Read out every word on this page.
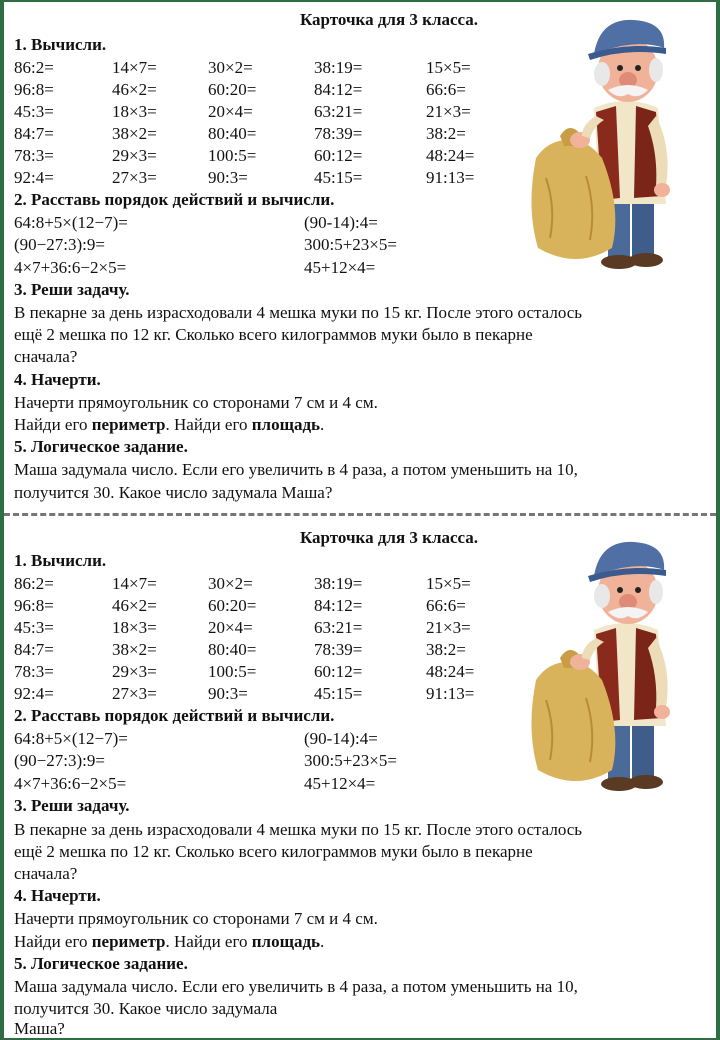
Карточка для 3 класса.
1. Вычисли.
86:2=	14×7=	30×2=	38:19=	15×5=
96:8=	46×2=	60:20=	84:12=	66:6=
45:3=	18×3=	20×4=	63:21=	21×3=
84:7=	38×2=	80:40=	78:39=	38:2=
78:3=	29×3=	100:5=	60:12=	48:24=
92:4=	27×3=	90:3=	45:15=	91:13=
2. Расставь порядок действий и вычисли.
64:8+5×(12−7)=	(90-14):4=
(90−27:3):9=	300:5+23×5=
4×7+36:6−2×5=	45+12×4=
3. Реши задачу.
В пекарне за день израсходовали 4 мешка муки по 15 кг. После этого осталось
ещё 2 мешка по 12 кг. Сколько всего килограммов муки было в пекарне
сначала?
4. Начерти.
Начерти прямоугольник со сторонами 7 см и 4 см.
Найди его периметр. Найди его площадь.
5. Логическое задание.
Маша задумала число. Если его увеличить в 4 раза, а потом уменьшить на 10,
получится 30. Какое число задумала Маша?
Карточка для 3 класса.
1. Вычисли.
86:2=	14×7=	30×2=	38:19=	15×5=
96:8=	46×2=	60:20=	84:12=	66:6=
45:3=	18×3=	20×4=	63:21=	21×3=
84:7=	38×2=	80:40=	78:39=	38:2=
78:3=	29×3=	100:5=	60:12=	48:24=
92:4=	27×3=	90:3=	45:15=	91:13=
2. Расставь порядок действий и вычисли.
64:8+5×(12−7)=	(90-14):4=
(90−27:3):9=	300:5+23×5=
4×7+36:6−2×5=	45+12×4=
3. Реши задачу.
В пекарне за день израсходовали 4 мешка муки по 15 кг. После этого осталось
ещё 2 мешка по 12 кг. Сколько всего килограммов муки было в пекарне
сначала?
4. Начерти.
Начерти прямоугольник со сторонами 7 см и 4 см.
Найди его периметр. Найди его площадь.
5. Логическое задание.
Маша задумала число. Если его увеличить в 4 раза, а потом уменьшить на 10,
получится 30. Какое число задумала
Маша?
